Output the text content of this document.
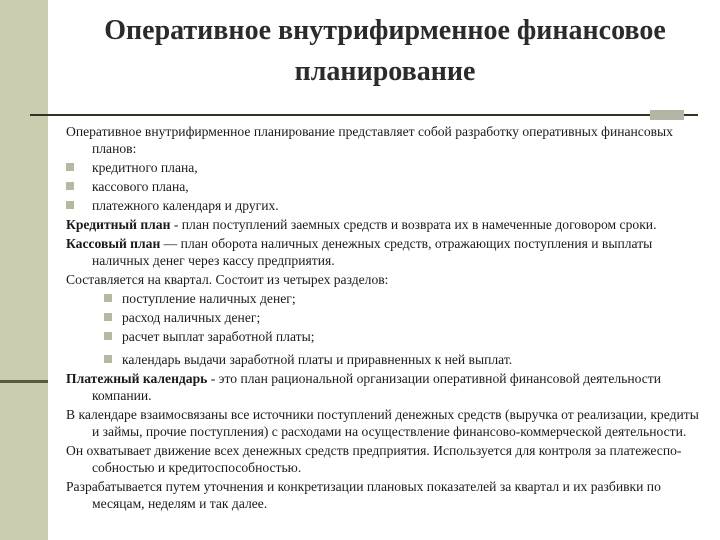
Оперативное внутрифирменное финансовое планирование

Оперативное внутрифирменное планирование представляет собой разработку оперативных финансовых планов:

кредитного плана,
кассового плана,
платежного календаря и других.

Кредитный план - план поступлений заемных средств и возврата их в намеченные договором сроки.

Кассовый план — план оборота наличных денежных средств, отражающих поступления и выплаты наличных денег через кассу предприятия.

Составляется на квартал. Состоит из четырех разделов:

поступление наличных денег;
расход наличных денег;
расчет выплат заработной платы;
календарь выдачи заработной платы и приравненных к ней выплат.

Платежный календарь - это план рациональной организации оперативной финансовой деятельности компании.

В календаре взаимосвязаны все источники поступлений денежных средств (выручка от реализации, кредиты и займы, прочие поступления) с расходами на осуществление финансово-коммерческой деятельности.

Он охватывает движение всех денежных средств предприятия. Используется для контроля за платежеспо-собностью и кредитоспособностью.

Разрабатывается путем уточнения и конкретизации плановых показателей за квартал и их разбивки по месяцам, неделям и так далее.
